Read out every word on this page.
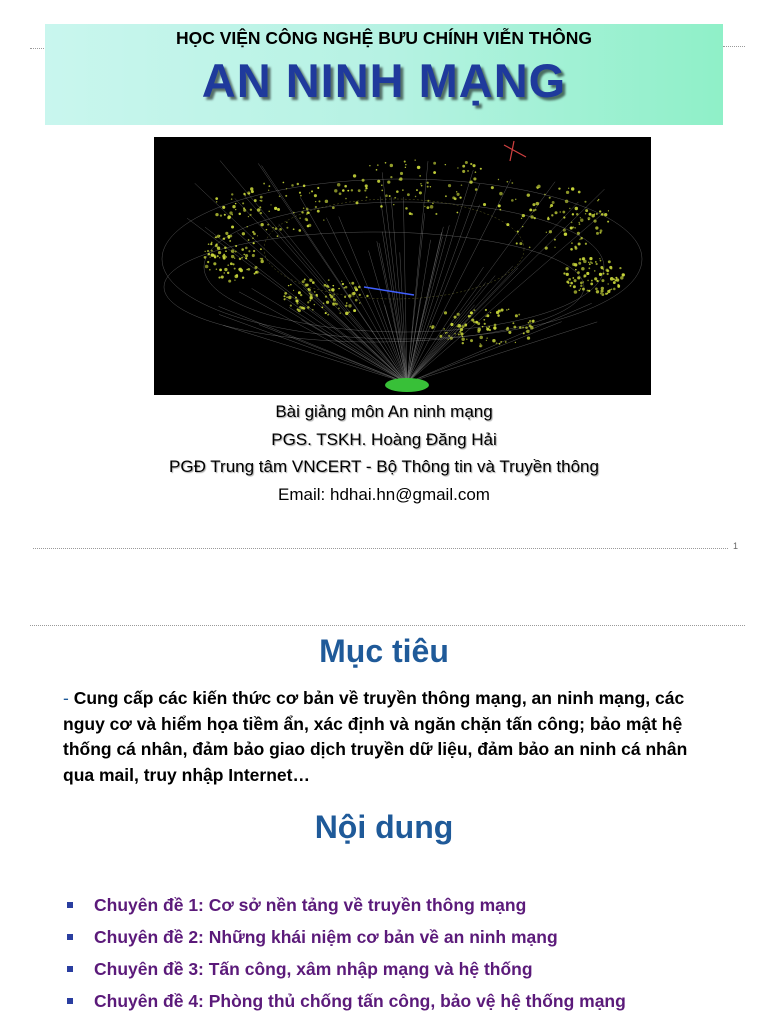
HỌC VIỆN CÔNG NGHỆ BƯU CHÍNH VIỄN THÔNG
AN NINH MẠNG
Bài giảng môn An ninh mạng
PGS. TSKH. Hoàng Đăng Hải
PGĐ Trung tâm VNCERT - Bộ Thông tin và Truyền thông
Email: hdhai.hn@gmail.com
1
Mục tiêu
- Cung cấp các kiến thức cơ bản về truyền thông mạng, an ninh mạng, các nguy cơ và hiểm họa tiềm ẩn, xác định và ngăn chặn tấn công; bảo mật hệ thống cá nhân, đảm bảo giao dịch truyền dữ liệu, đảm bảo an ninh cá nhân qua mail, truy nhập Internet…
Nội dung
Chuyên đề 1: Cơ sở nền tảng về truyền thông mạng
Chuyên đề 2: Những khái niệm cơ bản về an ninh mạng
Chuyên đề 3: Tấn công, xâm nhập mạng và hệ thống
Chuyên đề 4: Phòng thủ chống tấn công, bảo vệ hệ thống mạng
